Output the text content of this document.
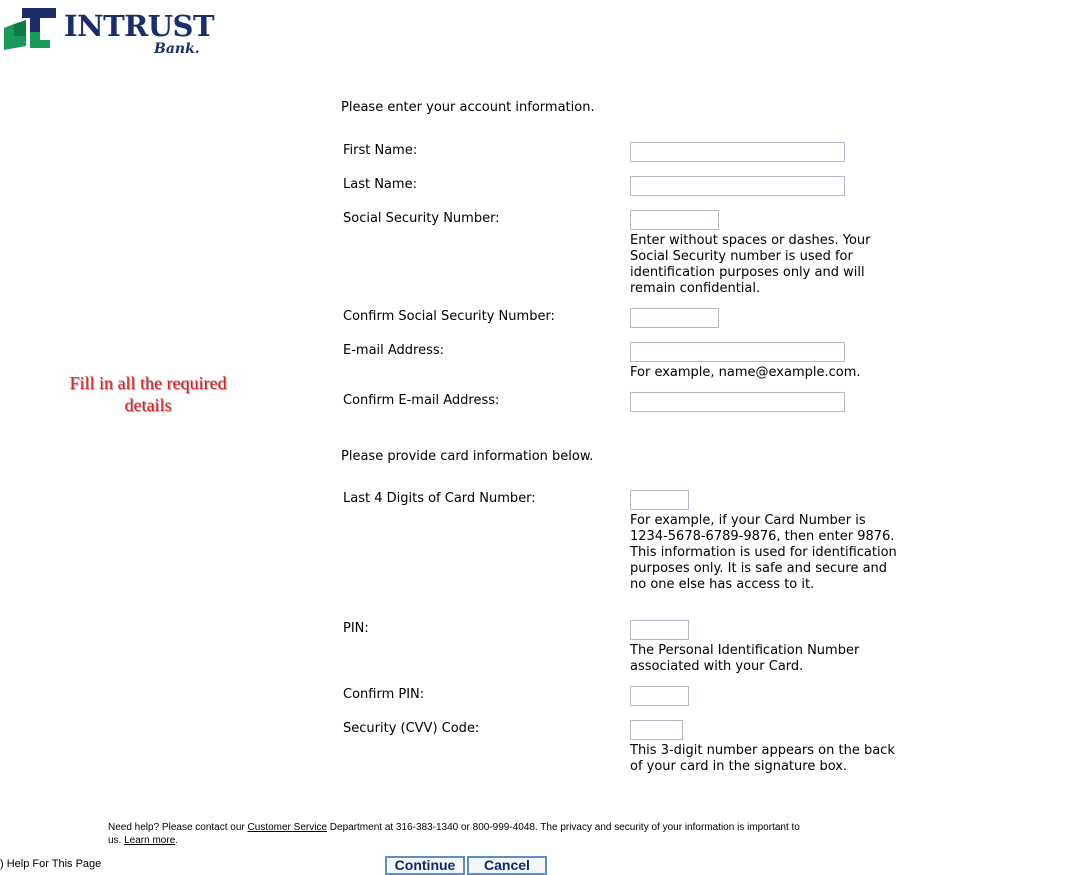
INTRUST
Bank.
Fill in all the required details
Please enter your account information.
First Name:
Last Name:
Social Security Number:
Enter without spaces or dashes. Your Social Security number is used for identification purposes only and will remain confidential.
Confirm Social Security Number:
E-mail Address:
For example, name@example.com.
Confirm E-mail Address:
Please provide card information below.
Last 4 Digits of Card Number:
For example, if your Card Number is 1234-5678-6789-9876, then enter 9876. This information is used for identification purposes only. It is safe and secure and no one else has access to it.
PIN:
The Personal Identification Number associated with your Card.
Confirm PIN:
Security (CVV) Code:
This 3-digit number appears on the back of your card in the signature box.
Need help? Please contact our Customer Service Department at 316-383-1340 or 800-999-4048. The privacy and security of your information is important to us. Learn more.
) Help For This Page	Continue	Cancel
